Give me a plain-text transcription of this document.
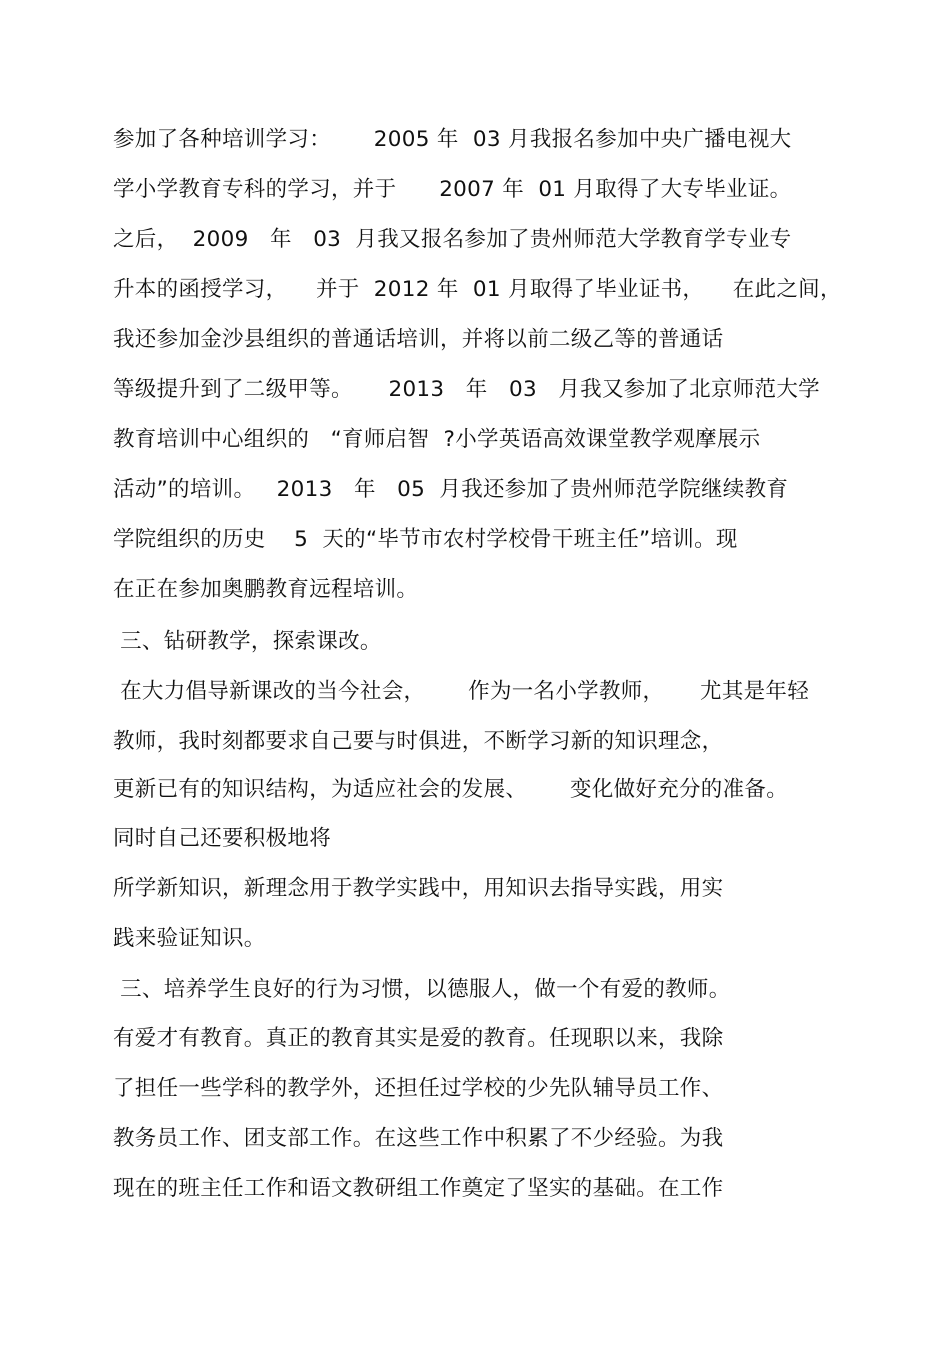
参加了各种培训学习：      2005 年  03 月我报名参加中央广播电视大
学小学教育专科的学习，并于      2007 年  01 月取得了大专毕业证。
之后，  2009   年   03  月我又报名参加了贵州师范大学教育学专业专
升本的函授学习，    并于  2012 年  01 月取得了毕业证书，    在此之间，
我还参加金沙县组织的普通话培训，并将以前二级乙等的普通话
等级提升到了二级甲等。     2013   年   03   月我又参加了北京师范大学
教育培训中心组织的   “育师启智  ?小学英语高效课堂教学观摩展示
活动”的培训。   2013   年   05  月我还参加了贵州师范学院继续教育
学院组织的历史    5  天的“毕节市农村学校骨干班主任”培训。现
在正在参加奥鹏教育远程培训。
三、钻研教学，探索课改。
在大力倡导新课改的当今社会，      作为一名小学教师，     尤其是年轻
教师，我时刻都要求自己要与时俱进，不断学习新的知识理念，
更新已有的知识结构，为适应社会的发展、      变化做好充分的准备。
同时自己还要积极地将
所学新知识，新理念用于教学实践中，用知识去指导实践，用实
践来验证知识。
三、培养学生良好的行为习惯，以德服人，做一个有爱的教师。
有爱才有教育。真正的教育其实是爱的教育。任现职以来，我除
了担任一些学科的教学外，还担任过学校的少先队辅导员工作、
教务员工作、团支部工作。在这些工作中积累了不少经验。为我
现在的班主任工作和语文教研组工作奠定了坚实的基础。在工作
